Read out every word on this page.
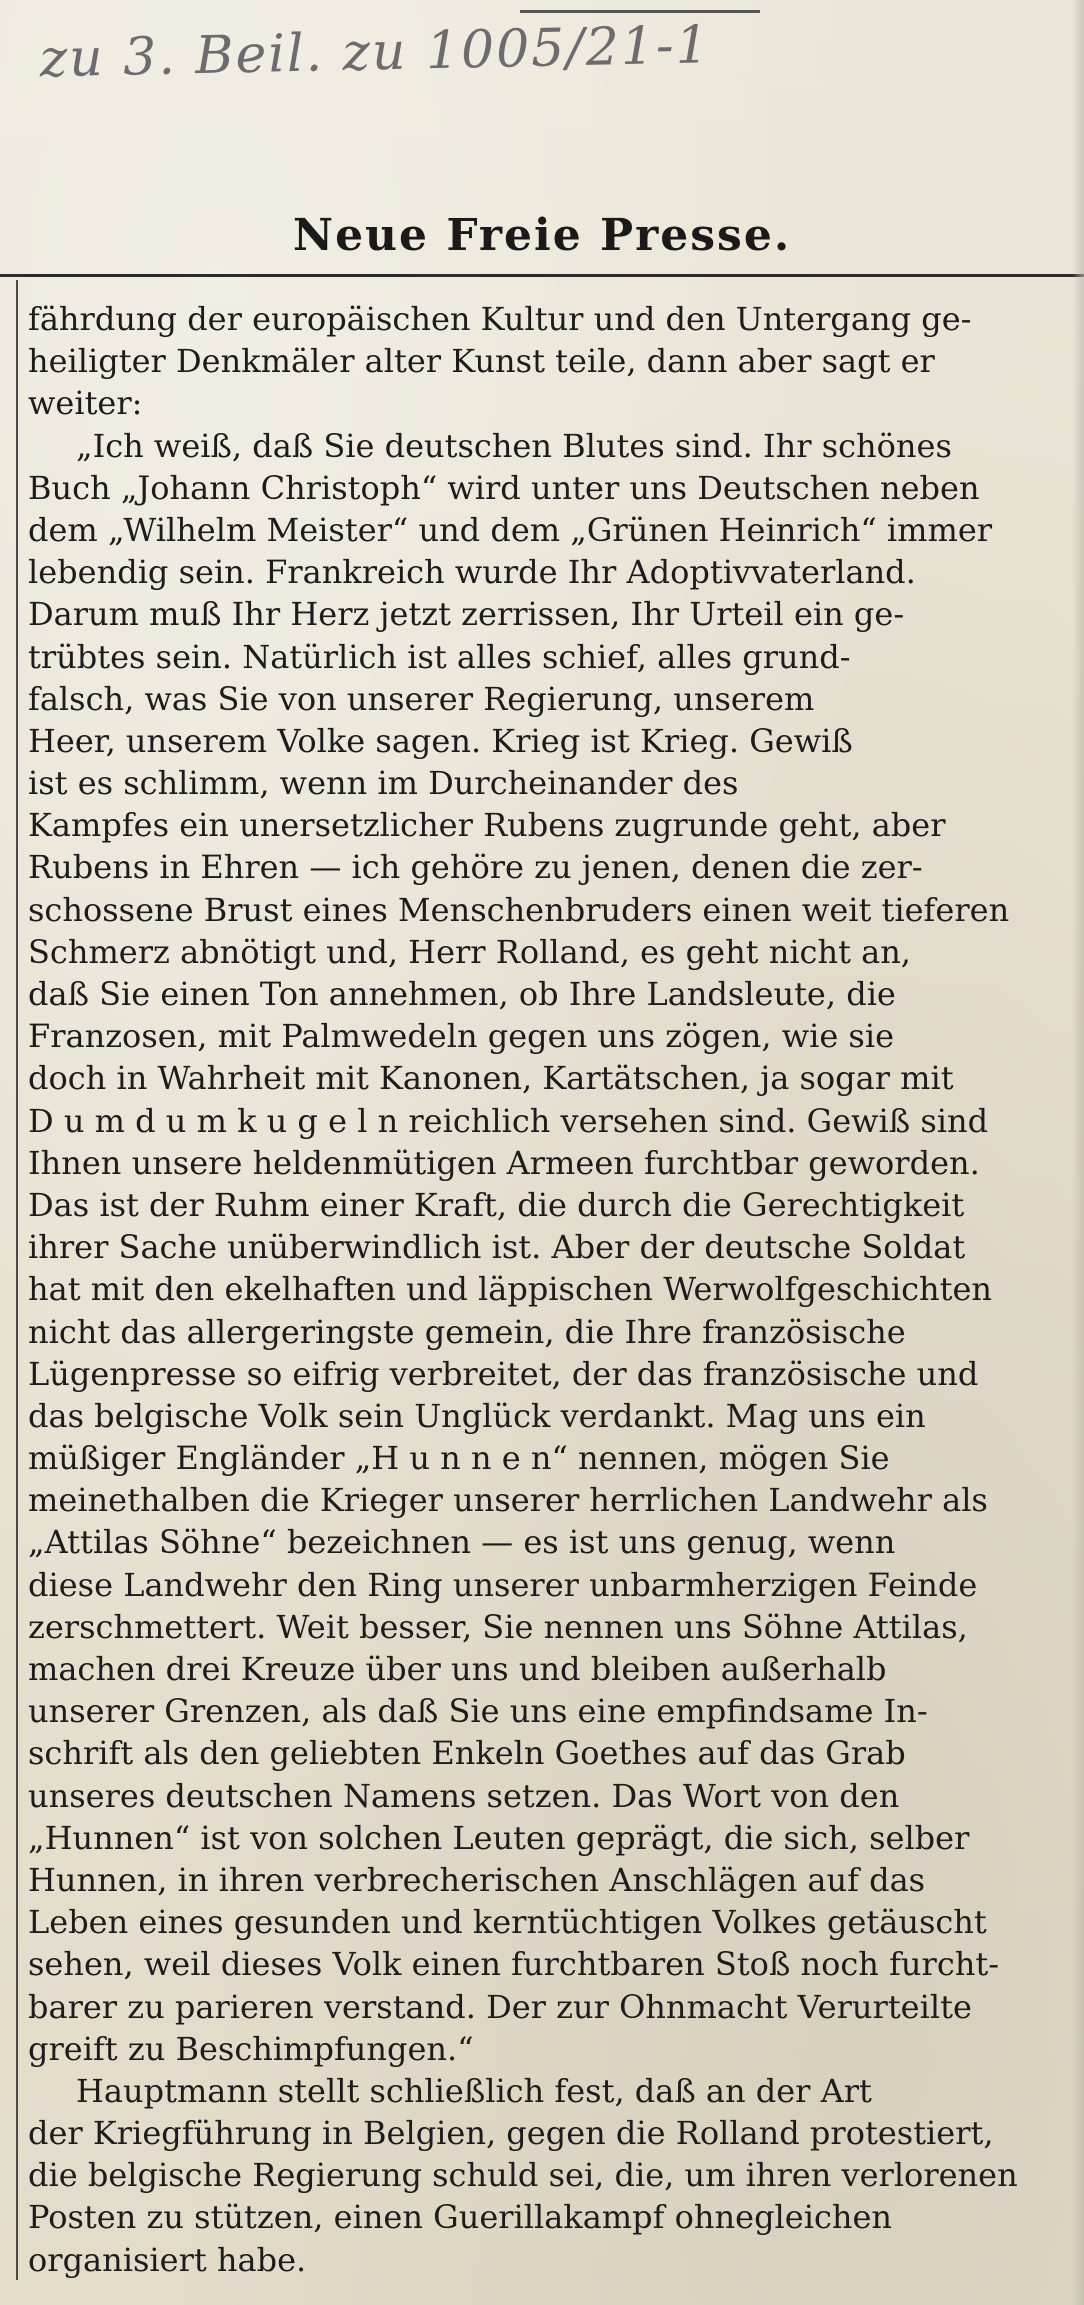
zu 3. Beil. zu 1005/21-1
Neue Freie Presse.
fährdung der europäischen Kultur und den Untergang ge-
heiligter Denkmäler alter Kunst teile, dann aber sagt er
weiter:
„Ich weiß, daß Sie deutschen Blutes sind. Ihr schönes
Buch „Johann Christoph“ wird unter uns Deutschen neben
dem „Wilhelm Meister“ und dem „Grünen Heinrich“ immer
lebendig sein. Frankreich wurde Ihr Adoptivvaterland.
Darum muß Ihr Herz jetzt zerrissen, Ihr Urteil ein ge-
trübtes sein. Natürlich ist alles schief, alles grund-
falsch, was Sie von unserer Regierung, unserem
Heer, unserem Volke sagen. Krieg ist Krieg. Gewiß
ist es schlimm, wenn im Durcheinander des
Kampfes ein unersetzlicher Rubens zugrunde geht, aber
Rubens in Ehren — ich gehöre zu jenen, denen die zer-
schossene Brust eines Menschenbruders einen weit tieferen
Schmerz abnötigt und, Herr Rolland, es geht nicht an,
daß Sie einen Ton annehmen, ob Ihre Landsleute, die
Franzosen, mit Palmwedeln gegen uns zögen, wie sie
doch in Wahrheit mit Kanonen, Kartätschen, ja sogar mit
D u m d u m k u g e l n reichlich versehen sind. Gewiß sind
Ihnen unsere heldenmütigen Armeen furchtbar geworden.
Das ist der Ruhm einer Kraft, die durch die Gerechtigkeit
ihrer Sache unüberwindlich ist. Aber der deutsche Soldat
hat mit den ekelhaften und läppischen Werwolfgeschichten
nicht das allergeringste gemein, die Ihre französische
Lügenpresse so eifrig verbreitet, der das französische und
das belgische Volk sein Unglück verdankt. Mag uns ein
müßiger Engländer „H u n n e n“ nennen, mögen Sie
meinethalben die Krieger unserer herrlichen Landwehr als
„Attilas Söhne“ bezeichnen — es ist uns genug, wenn
diese Landwehr den Ring unserer unbarmherzigen Feinde
zerschmettert. Weit besser, Sie nennen uns Söhne Attilas,
machen drei Kreuze über uns und bleiben außerhalb
unserer Grenzen, als daß Sie uns eine empfindsame In-
schrift als den geliebten Enkeln Goethes auf das Grab
unseres deutschen Namens setzen. Das Wort von den
„Hunnen“ ist von solchen Leuten geprägt, die sich, selber
Hunnen, in ihren verbrecherischen Anschlägen auf das
Leben eines gesunden und kerntüchtigen Volkes getäuscht
sehen, weil dieses Volk einen furchtbaren Stoß noch furcht-
barer zu parieren verstand. Der zur Ohnmacht Verurteilte
greift zu Beschimpfungen.“
Hauptmann stellt schließlich fest, daß an der Art
der Kriegführung in Belgien, gegen die Rolland protestiert,
die belgische Regierung schuld sei, die, um ihren verlorenen
Posten zu stützen, einen Guerillakampf ohnegleichen
organisiert habe.
